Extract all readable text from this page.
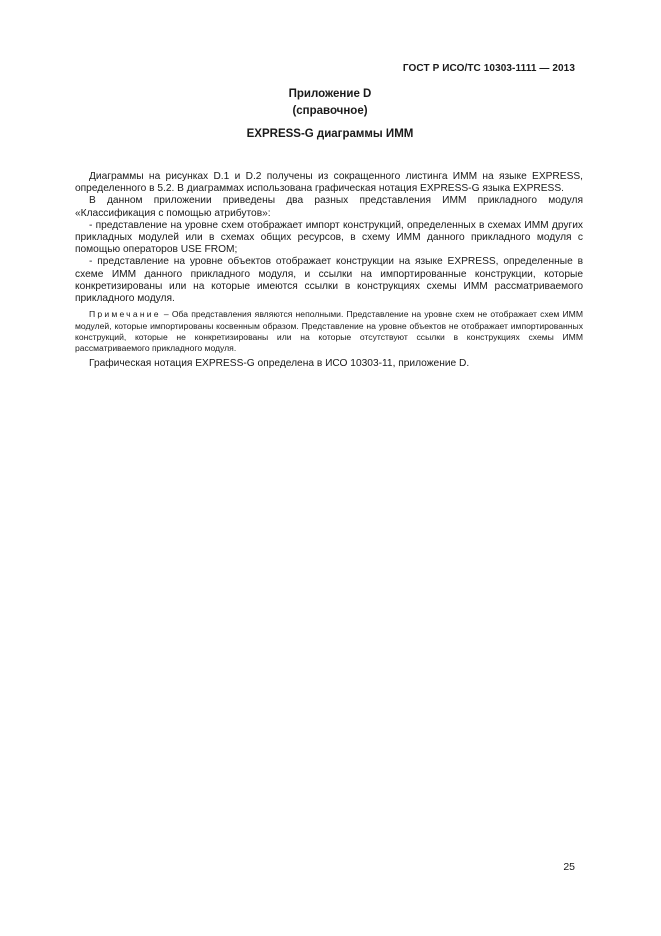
ГОСТ Р ИСО/ТС 10303-1111 — 2013
Приложение D
(справочное)
EXPRESS-G диаграммы ИММ

Диаграммы на рисунках D.1 и D.2 получены из сокращенного листинга ИММ на языке EXPRESS, определенного в 5.2. В диаграммах использована графическая нотация EXPRESS-G языка EXPRESS.

В данном приложении приведены два разных представления ИММ прикладного модуля «Классификация с помощью атрибутов»:

- представление на уровне схем отображает импорт конструкций, определенных в схемах ИММ других прикладных модулей или в схемах общих ресурсов, в схему ИММ данного прикладного модуля с помощью операторов USE FROM;

- представление на уровне объектов отображает конструкции на языке EXPRESS, определенные в схеме ИММ данного прикладного модуля, и ссылки на импортированные конструкции, которые конкретизированы или на которые имеются ссылки в конструкциях схемы ИММ рассматриваемого прикладного модуля.

Примечание – Оба представления являются неполными. Представление на уровне схем не отображает схем ИММ модулей, которые импортированы косвенным образом. Представление на уровне объектов не отображает импортированных конструкций, которые не конкретизированы или на которые отсутствуют ссылки в конструкциях схемы ИММ рассматриваемого прикладного модуля.

Графическая нотация EXPRESS-G определена в ИСО 10303-11, приложение D.

25
